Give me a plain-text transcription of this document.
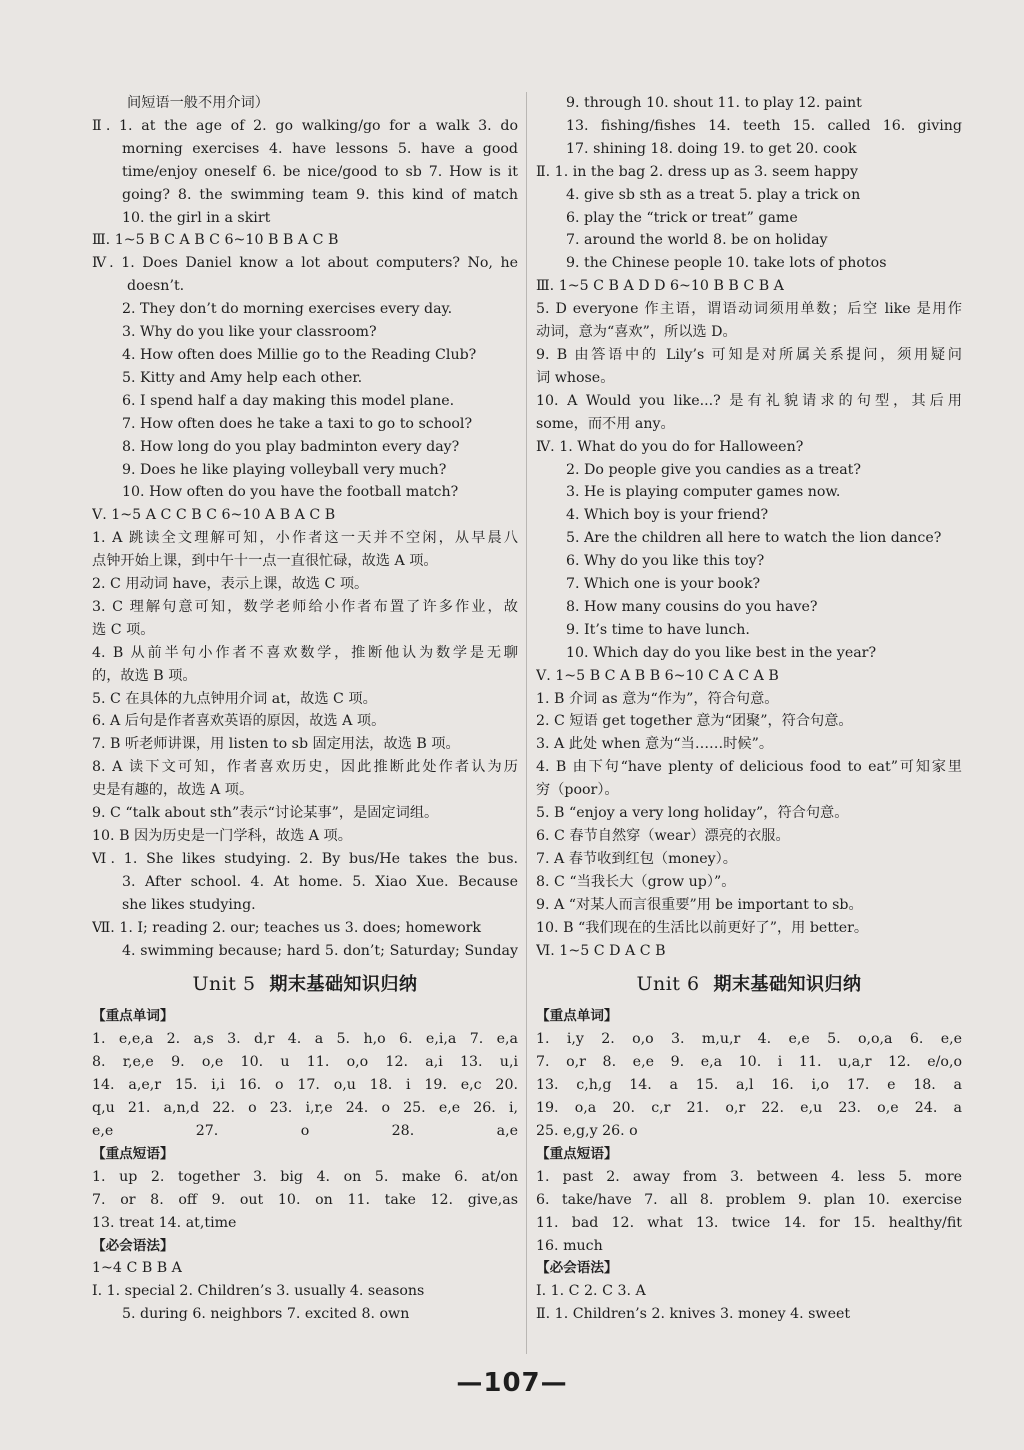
间短语一般不用介词）
Ⅱ. 1. at the age of 2. go walking/go for a walk 3. do
morning exercises 4. have lessons 5. have a good
time/enjoy oneself 6. be nice/good to sb 7. How is it
going? 8. the swimming team 9. this kind of match
10. the girl in a skirt
Ⅲ. 1~5 B C A B C 6~10 B B A C B
Ⅳ. 1. Does Daniel know a lot about computers? No, he
doesn’t.
2. They don’t do morning exercises every day.
3. Why do you like your classroom?
4. How often does Millie go to the Reading Club?
5. Kitty and Amy help each other.
6. I spend half a day making this model plane.
7. How often does he take a taxi to go to school?
8. How long do you play badminton every day?
9. Does he like playing volleyball very much?
10. How often do you have the football match?
Ⅴ. 1~5 A C C B C 6~10 A B A C B
1. A 跳读全文理解可知，小作者这一天并不空闲，从早晨八
点钟开始上课，到中午十一点一直很忙碌，故选 A 项。
2. C 用动词 have，表示上课，故选 C 项。
3. C 理解句意可知，数学老师给小作者布置了许多作业，故
选 C 项。
4. B 从前半句小作者不喜欢数学，推断他认为数学是无聊
的，故选 B 项。
5. C 在具体的九点钟用介词 at，故选 C 项。
6. A 后句是作者喜欢英语的原因，故选 A 项。
7. B 听老师讲课，用 listen to sb 固定用法，故选 B 项。
8. A 读下文可知，作者喜欢历史，因此推断此处作者认为历
史是有趣的，故选 A 项。
9. C “talk about sth”表示“讨论某事”，是固定词组。
10. B 因为历史是一门学科，故选 A 项。
Ⅵ. 1. She likes studying. 2. By bus/He takes the bus.
3. After school. 4. At home. 5. Xiao Xue. Because
she likes studying.
Ⅶ. 1. I; reading 2. our; teaches us 3. does; homework
4. swimming because; hard 5. don’t; Saturday; Sunday
Unit 5 期末基础知识归纳
【重点单词】
1. e,e,a 2. a,s 3. d,r 4. a 5. h,o 6. e,i,a 7. e,a
8. r,e,e 9. o,e 10. u 11. o,o 12. a,i 13. u,i
14. a,e,r 15. i,i 16. o 17. o,u 18. i 19. e,c 20.
q,u 21. a,n,d 22. o 23. i,r,e 24. o 25. e,e 26. i,
e,e 27. o 28. a,e
【重点短语】
1. up 2. together 3. big 4. on 5. make 6. at/on
7. or 8. off 9. out 10. on 11. take 12. give,as
13. treat 14. at,time
【必会语法】
1~4 C B B A
Ⅰ. 1. special 2. Children’s 3. usually 4. seasons
5. during 6. neighbors 7. excited 8. own
9. through 10. shout 11. to play 12. paint
13. fishing/fishes 14. teeth 15. called 16. giving
17. shining 18. doing 19. to get 20. cook
Ⅱ. 1. in the bag 2. dress up as 3. seem happy
4. give sb sth as a treat 5. play a trick on
6. play the “trick or treat” game
7. around the world 8. be on holiday
9. the Chinese people 10. take lots of photos
Ⅲ. 1~5 C B A D D 6~10 B B C B A
5. D everyone 作主语，谓语动词须用单数；后空 like 是用作
动词，意为“喜欢”，所以选 D。
9. B 由答语中的 Lily’s 可知是对所属关系提问，须用疑问
词 whose。
10. A Would you like...? 是有礼貌请求的句型，其后用
some，而不用 any。
Ⅳ. 1. What do you do for Halloween?
2. Do people give you candies as a treat?
3. He is playing computer games now.
4. Which boy is your friend?
5. Are the children all here to watch the lion dance?
6. Why do you like this toy?
7. Which one is your book?
8. How many cousins do you have?
9. It’s time to have lunch.
10. Which day do you like best in the year?
Ⅴ. 1~5 B C A B B 6~10 C A C A B
1. B 介词 as 意为“作为”，符合句意。
2. C 短语 get together 意为“团聚”，符合句意。
3. A 此处 when 意为“当……时候”。
4. B 由下句“have plenty of delicious food to eat”可知家里
穷（poor）。
5. B “enjoy a very long holiday”，符合句意。
6. C 春节自然穿（wear）漂亮的衣服。
7. A 春节收到红包（money）。
8. C “当我长大（grow up）”。
9. A “对某人而言很重要”用 be important to sb。
10. B “我们现在的生活比以前更好了”，用 better。
Ⅵ. 1~5 C D A C B
Unit 6 期末基础知识归纳
【重点单词】
1. i,y 2. o,o 3. m,u,r 4. e,e 5. o,o,a 6. e,e
7. o,r 8. e,e 9. e,a 10. i 11. u,a,r 12. e/o,o
13. c,h,g 14. a 15. a,l 16. i,o 17. e 18. a
19. o,a 20. c,r 21. o,r 22. e,u 23. o,e 24. a
25. e,g,y 26. o
【重点短语】
1. past 2. away from 3. between 4. less 5. more
6. take/have 7. all 8. problem 9. plan 10. exercise
11. bad 12. what 13. twice 14. for 15. healthy/fit
16. much
【必会语法】
Ⅰ. 1. C 2. C 3. A
Ⅱ. 1. Children’s 2. knives 3. money 4. sweet
—107—
